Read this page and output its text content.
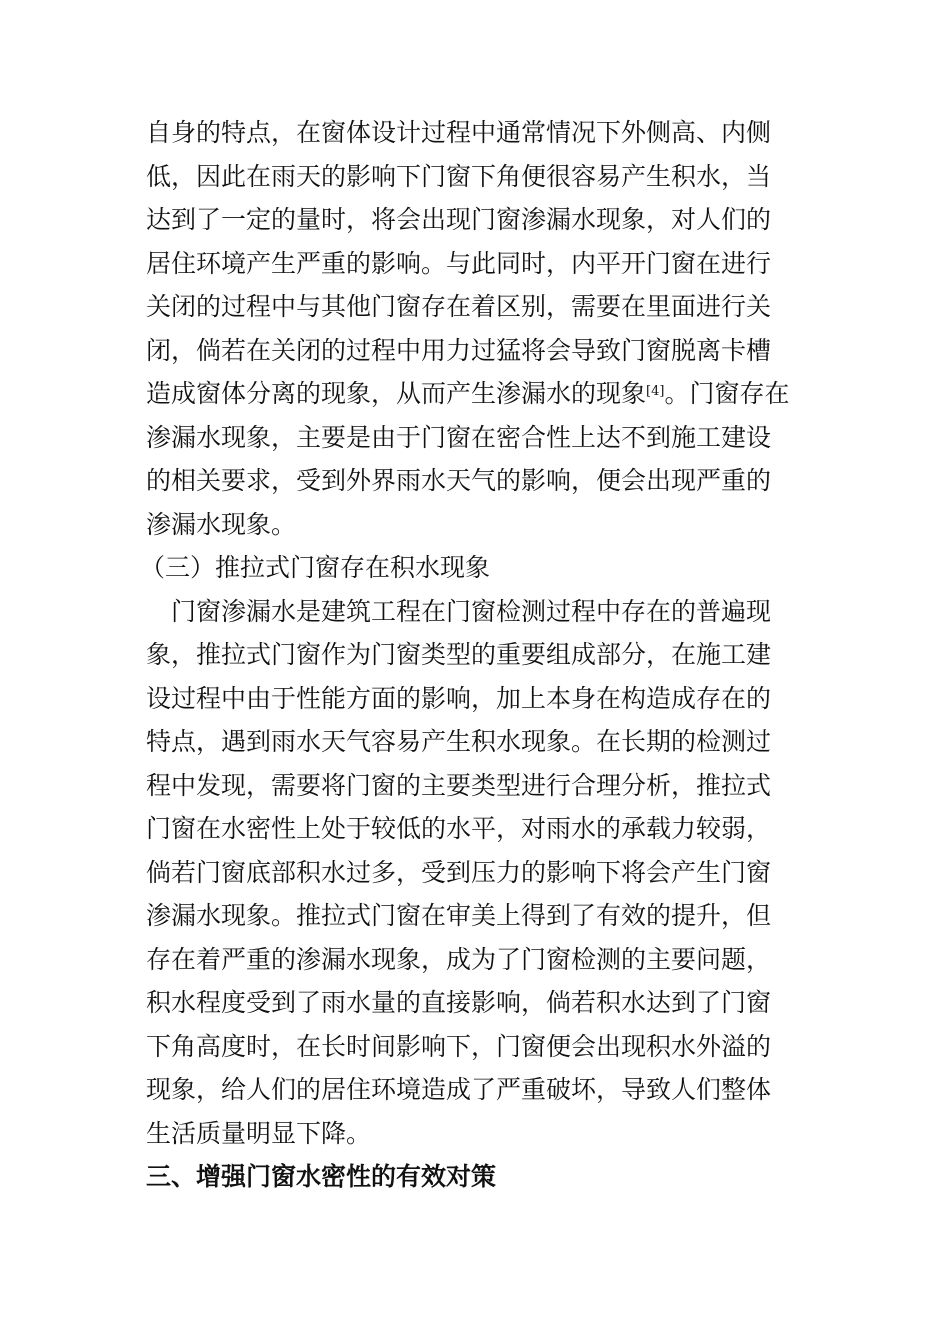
自身的特点，在窗体设计过程中通常情况下外侧高、内侧
低，因此在雨天的影响下门窗下角便很容易产生积水，当
达到了一定的量时，将会出现门窗渗漏水现象，对人们的
居住环境产生严重的影响。与此同时，内平开门窗在进行
关闭的过程中与其他门窗存在着区别，需要在里面进行关
闭，倘若在关闭的过程中用力过猛将会导致门窗脱离卡槽
造成窗体分离的现象，从而产生渗漏水的现象[4]。门窗存在
渗漏水现象，主要是由于门窗在密合性上达不到施工建设
的相关要求，受到外界雨水天气的影响，便会出现严重的
渗漏水现象。
（三）推拉式门窗存在积水现象
　门窗渗漏水是建筑工程在门窗检测过程中存在的普遍现
象，推拉式门窗作为门窗类型的重要组成部分，在施工建
设过程中由于性能方面的影响，加上本身在构造成存在的
特点，遇到雨水天气容易产生积水现象。在长期的检测过
程中发现，需要将门窗的主要类型进行合理分析，推拉式
门窗在水密性上处于较低的水平，对雨水的承载力较弱，
倘若门窗底部积水过多，受到压力的影响下将会产生门窗
渗漏水现象。推拉式门窗在审美上得到了有效的提升，但
存在着严重的渗漏水现象，成为了门窗检测的主要问题，
积水程度受到了雨水量的直接影响，倘若积水达到了门窗
下角高度时，在长时间影响下，门窗便会出现积水外溢的
现象，给人们的居住环境造成了严重破坏，导致人们整体
生活质量明显下降。
三、增强门窗水密性的有效对策
